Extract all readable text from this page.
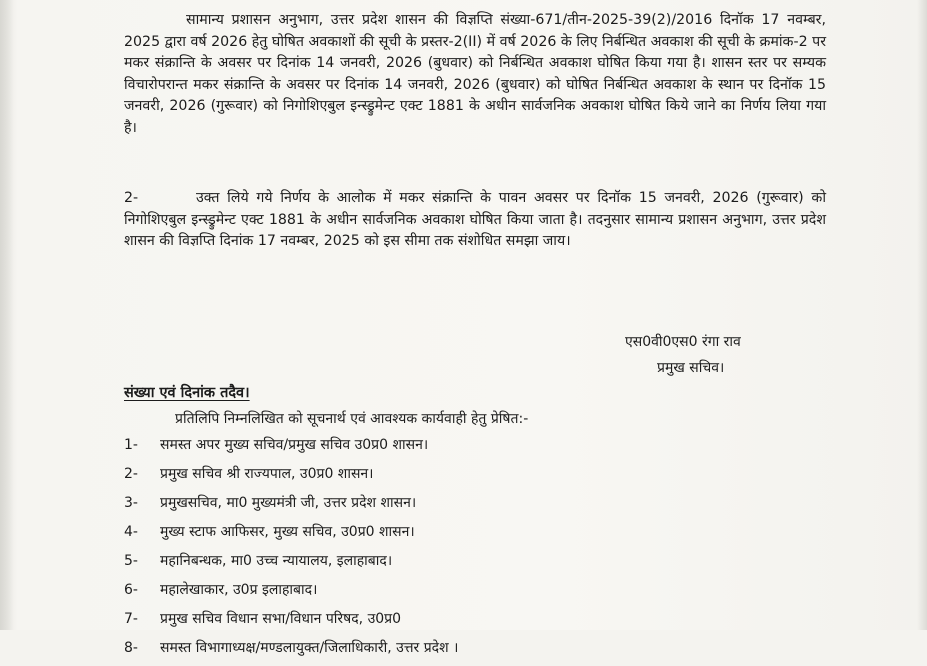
सामान्य प्रशासन अनुभाग, उत्तर प्रदेश शासन की विज्ञप्ति संख्या-671/तीन-2025-39(2)/2016 दिनॉक 17 नवम्बर, 2025 द्वारा वर्ष 2026 हेतु घोषित अवकाशों की सूची के प्रस्तर-2(II) में वर्ष 2026 के लिए निर्बन्धित अवकाश की सूची के क्रमांक-2 पर मकर संक्रान्ति के अवसर पर दिनांक 14 जनवरी, 2026 (बुधवार) को निर्बन्धित अवकाश घोषित किया गया है। शासन स्तर पर सम्यक विचारोपरान्त मकर संक्रान्ति के अवसर पर दिनांक 14 जनवरी, 2026 (बुधवार) को घोषित निर्बन्धित अवकाश के स्थान पर दिनॉक 15 जनवरी, 2026 (गुरूवार) को निगोशिएबुल इन्स्ड्रुमेन्ट एक्ट 1881 के अधीन सार्वजनिक अवकाश घोषित किये जाने का निर्णय लिया गया है।
2-	उक्त लिये गये निर्णय के आलोक में मकर संक्रान्ति के पावन अवसर पर दिनॉक 15 जनवरी, 2026 (गुरूवार) को निगोशिएबुल इन्स्ड्रुमेन्ट एक्ट 1881 के अधीन सार्वजनिक अवकाश घोषित किया जाता है। तदनुसार सामान्य प्रशासन अनुभाग, उत्तर प्रदेश शासन की विज्ञप्ति दिनांक 17 नवम्बर, 2025 को इस सीमा तक संशोधित समझा जाय।
एस0वी0एस0 रंगा राव
प्रमुख सचिव।
संख्या एवं दिनांक तदैव।
प्रतिलिपि निम्नलिखित को सूचनार्थ एवं आवश्यक कार्यवाही हेतु प्रेषित:-
1- समस्त अपर मुख्य सचिव/प्रमुख सचिव उ0प्र0 शासन।
2- प्रमुख सचिव श्री राज्यपाल, उ0प्र0 शासन।
3- प्रमुखसचिव, मा0 मुख्यमंत्री जी, उत्तर प्रदेश शासन।
4- मुख्य स्टाफ आफिसर, मुख्य सचिव, उ0प्र0 शासन।
5- महानिबन्धक, मा0 उच्च न्यायालय, इलाहाबाद।
6- महालेखाकार, उ0प्र इलाहाबाद।
7- प्रमुख सचिव विधान सभा/विधान परिषद, उ0प्र0
8- समस्त विभागाध्यक्ष/मण्डलायुक्त/जिलाधिकारी, उत्तर प्रदेश ।
